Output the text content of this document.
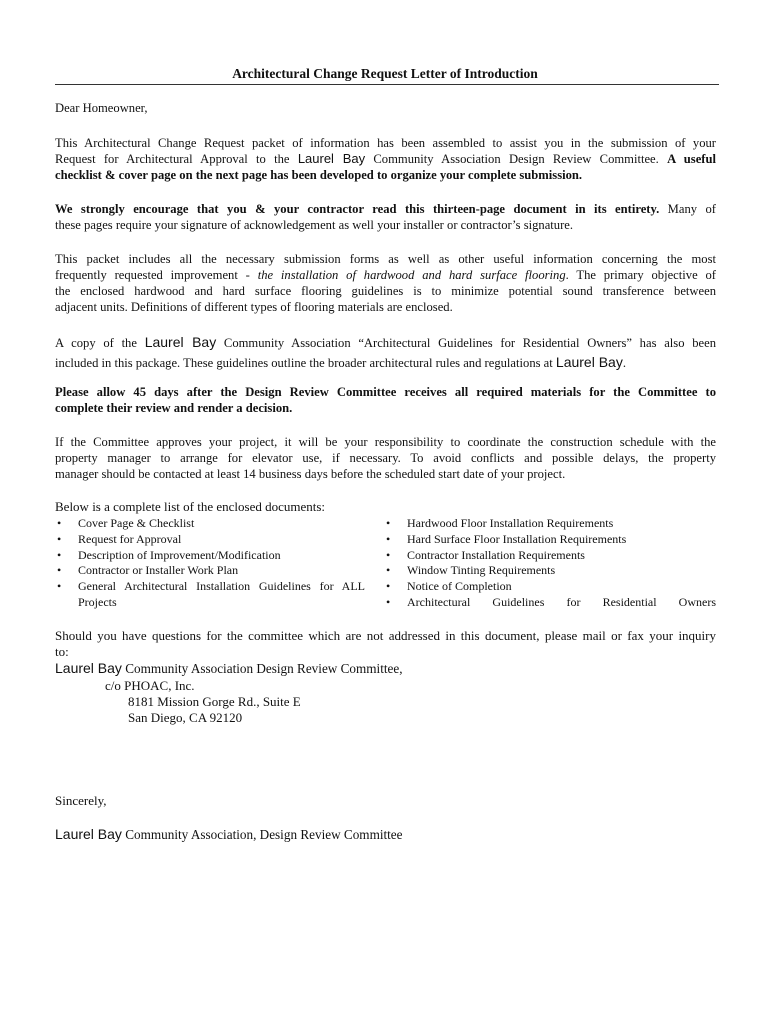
Architectural Change Request Letter of Introduction

Dear Homeowner,

This Architectural Change Request packet of information has been assembled to assist you in the submission of your
Request for Architectural Approval to the Laurel Bay Community Association Design Review Committee. A useful
checklist & cover page on the next page has been developed to organize your complete submission.
We strongly encourage that you & your contractor read this thirteen-page document in its entirety. Many of
these pages require your signature of acknowledgement as well your installer or contractor’s signature.
This packet includes all the necessary submission forms as well as other useful information concerning the most
frequently requested improvement - the installation of hardwood and hard surface flooring. The primary objective of
the enclosed hardwood and hard surface flooring guidelines is to minimize potential sound transference between
adjacent units. Definitions of different types of flooring materials are enclosed.
A copy of the Laurel Bay Community Association “Architectural Guidelines for Residential Owners” has also been
included in this package. These guidelines outline the broader architectural rules and regulations at Laurel Bay.
Please allow 45 days after the Design Review Committee receives all required materials for the Committee to
complete their review and render a decision.
If the Committee approves your project, it will be your responsibility to coordinate the construction schedule with the
property manager to arrange for elevator use, if necessary. To avoid conflicts and possible delays, the property
manager should be contacted at least 14 business days before the scheduled start date of your project.

Below is a complete list of the enclosed documents:

• Cover Page & Checklist
• Request for Approval
• Description of Improvement/Modification
• Contractor or Installer Work Plan
• General Architectural Installation Guidelines for ALL
Projects
• Hardwood Floor Installation Requirements
• Hard Surface Floor Installation Requirements
• Contractor Installation Requirements
• Window Tinting Requirements
• Notice of Completion
• Architectural Guidelines for Residential Owners
Should you have questions for the committee which are not addressed in this document, please mail or fax your inquiry
to:
Laurel Bay Community Association Design Review Committee,
c/o PHOAC, Inc.
8181 Mission Gorge Rd., Suite E
San Diego, CA 92120
Sincerely,
Laurel Bay Community Association, Design Review Committee
